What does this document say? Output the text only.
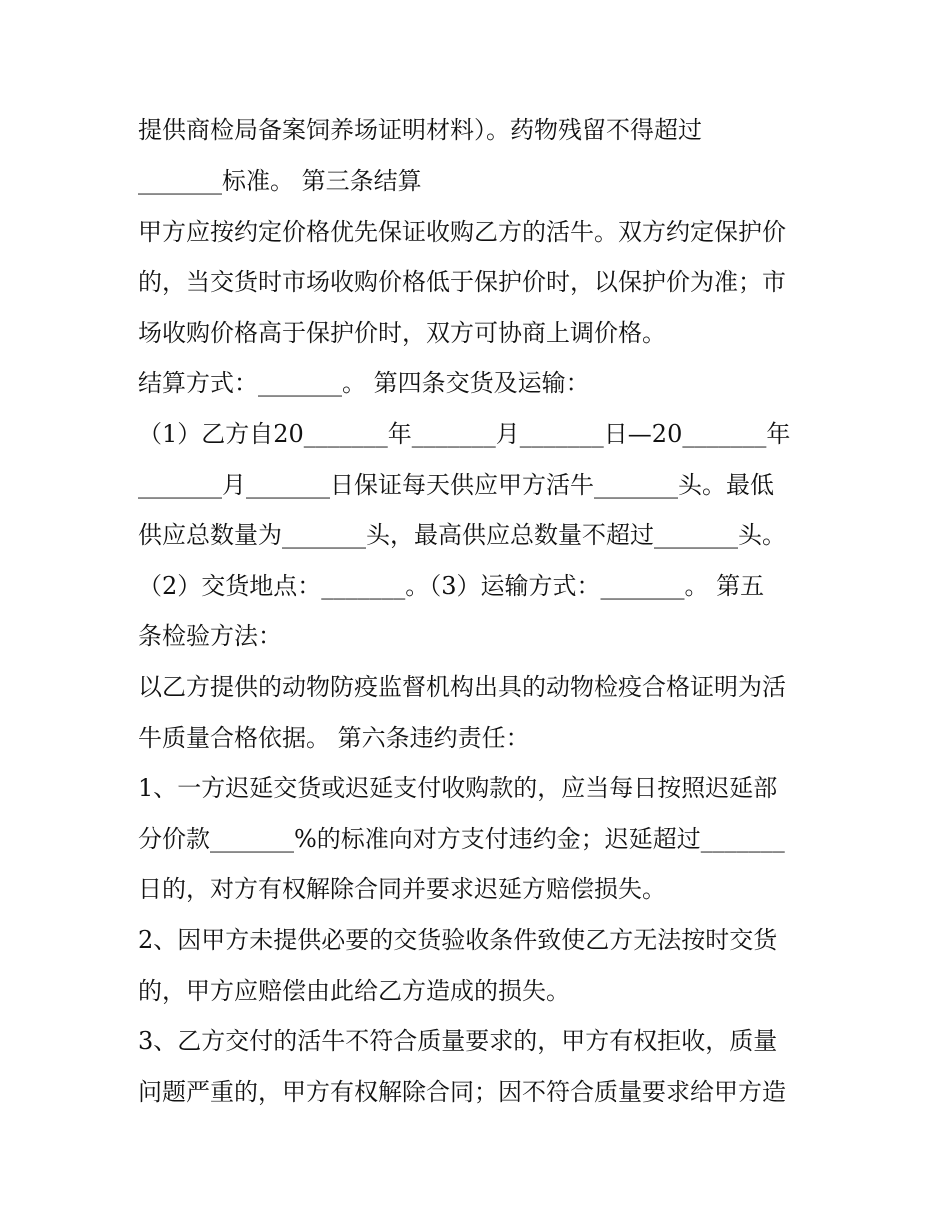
提供商检局备案饲养场证明材料）。药物残留不得超过
_______标准。 第三条结算
甲方应按约定价格优先保证收购乙方的活牛。双方约定保护价
的，当交货时市场收购价格低于保护价时，以保护价为准；市
场收购价格高于保护价时，双方可协商上调价格。
结算方式：_______。 第四条交货及运输：
（1）乙方自20_______年_______月_______日—20_______年
_______月_______日保证每天供应甲方活牛_______头。最低
供应总数量为_______头，最高供应总数量不超过_______头。
（2）交货地点：_______。（3）运输方式：_______。 第五
条检验方法：
以乙方提供的动物防疫监督机构出具的动物检疫合格证明为活
牛质量合格依据。 第六条违约责任：
1、一方迟延交货或迟延支付收购款的，应当每日按照迟延部
分价款_______%的标准向对方支付违约金；迟延超过_______
日的，对方有权解除合同并要求迟延方赔偿损失。
2、因甲方未提供必要的交货验收条件致使乙方无法按时交货
的，甲方应赔偿由此给乙方造成的损失。
3、乙方交付的活牛不符合质量要求的，甲方有权拒收，质量
问题严重的，甲方有权解除合同；因不符合质量要求给甲方造
